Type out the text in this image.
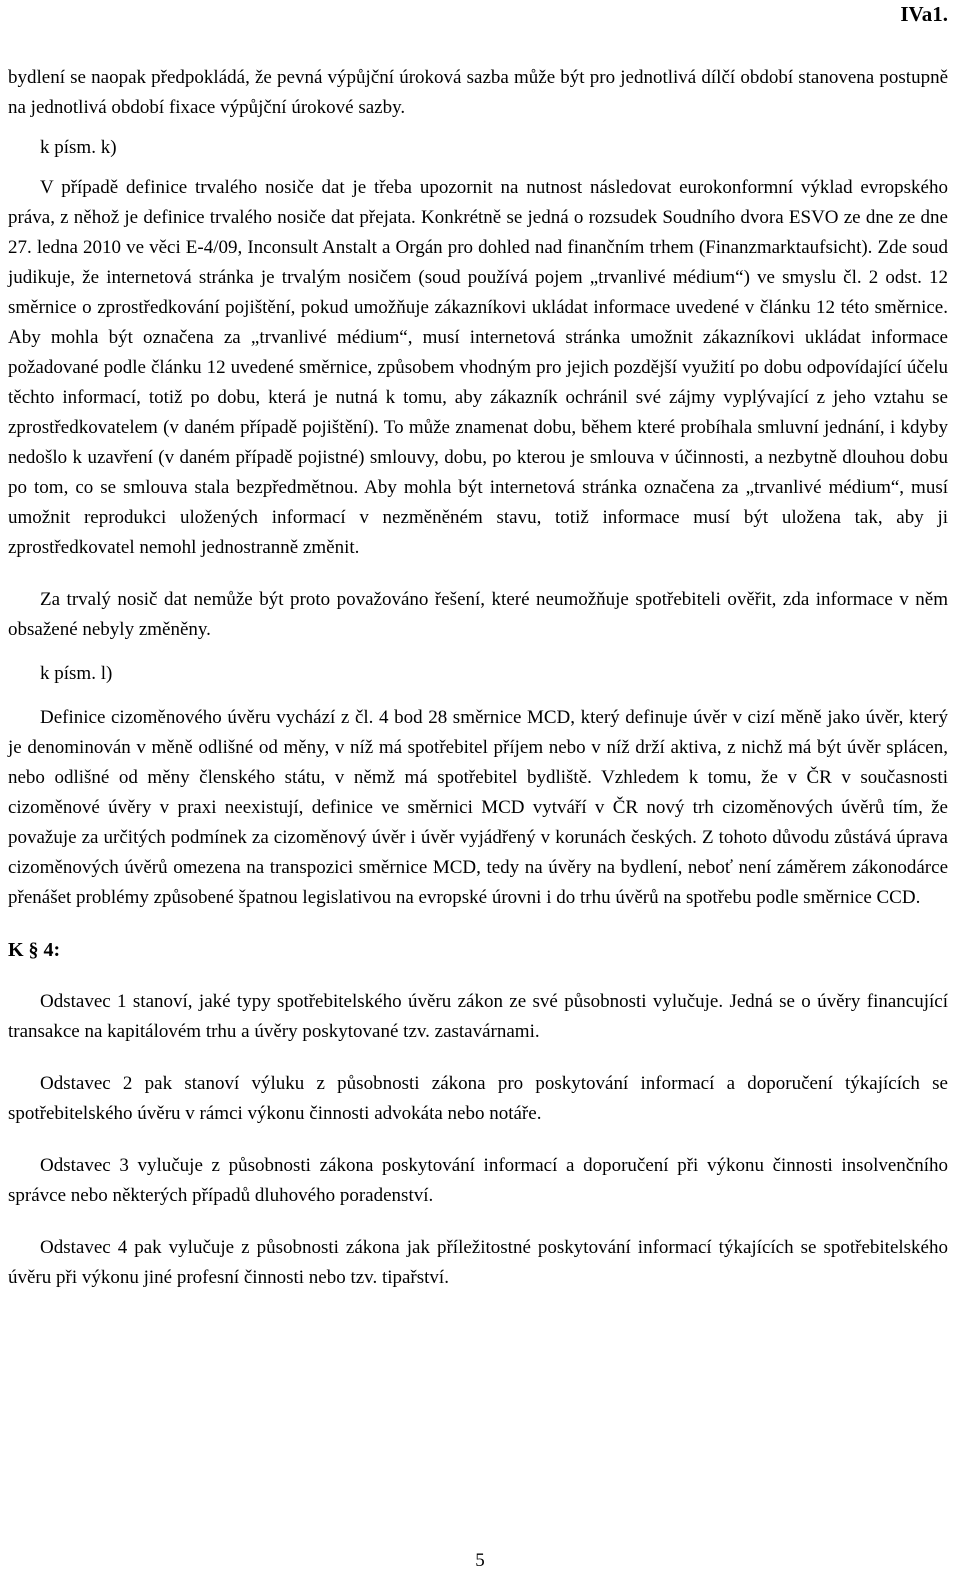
IVa1.

bydlení se naopak předpokládá, že pevná výpůjční úroková sazba může být pro jednotlivá dílčí období stanovena postupně na jednotlivá období fixace výpůjční úrokové sazby.

k písm. k)

V případě definice trvalého nosiče dat je třeba upozornit na nutnost následovat eurokonformní výklad evropského práva, z něhož je definice trvalého nosiče dat přejata. Konkrétně se jedná o rozsudek Soudního dvora ESVO ze dne ze dne 27. ledna 2010 ve věci E-4/09, Inconsult Anstalt a Orgán pro dohled nad finančním trhem (Finanzmarktaufsicht). Zde soud judikuje, že internetová stránka je trvalým nosičem (soud používá pojem „trvanlivé médium“) ve smyslu čl. 2 odst. 12 směrnice o zprostředkování pojištění, pokud umožňuje zákazníkovi ukládat informace uvedené v článku 12 této směrnice. Aby mohla být označena za „trvanlivé médium“, musí internetová stránka umožnit zákazníkovi ukládat informace požadované podle článku 12 uvedené směrnice, způsobem vhodným pro jejich pozdější využití po dobu odpovídající účelu těchto informací, totiž po dobu, která je nutná k tomu, aby zákazník ochránil své zájmy vyplývající z jeho vztahu se zprostředkovatelem (v daném případě pojištění). To může znamenat dobu, během které probíhala smluvní jednání, i kdyby nedošlo k uzavření (v daném případě pojistné) smlouvy, dobu, po kterou je smlouva v účinnosti, a nezbytně dlouhou dobu po tom, co se smlouva stala bezpředmětnou. Aby mohla být internetová stránka označena za „trvanlivé médium“, musí umožnit reprodukci uložených informací v nezměněném stavu, totiž informace musí být uložena tak, aby ji zprostředkovatel nemohl jednostranně změnit.

Za trvalý nosič dat nemůže být proto považováno řešení, které neumožňuje spotřebiteli ověřit, zda informace v něm obsažené nebyly změněny.

k písm. l)

Definice cizoměnového úvěru vychází z čl. 4 bod 28 směrnice MCD, který definuje úvěr v cizí měně jako úvěr, který je denominován v měně odlišné od měny, v níž má spotřebitel příjem nebo v níž drží aktiva, z nichž má být úvěr splácen, nebo odlišné od měny členského státu, v němž má spotřebitel bydliště. Vzhledem k tomu, že v ČR v současnosti cizoměnové úvěry v praxi neexistují, definice ve směrnici MCD vytváří v ČR nový trh cizoměnových úvěrů tím, že považuje za určitých podmínek za cizoměnový úvěr i úvěr vyjádřený v korunách českých. Z tohoto důvodu zůstává úprava cizoměnových úvěrů omezena na transpozici směrnice MCD, tedy na úvěry na bydlení, neboť není záměrem zákonodárce přenášet problémy způsobené špatnou legislativou na evropské úrovni i do trhu úvěrů na spotřebu podle směrnice CCD.

K § 4:

Odstavec 1 stanoví, jaké typy spotřebitelského úvěru zákon ze své působnosti vylučuje. Jedná se o úvěry financující transakce na kapitálovém trhu a úvěry poskytované tzv. zastavárnami.

Odstavec 2 pak stanoví výluku z působnosti zákona pro poskytování informací a doporučení týkajících se spotřebitelského úvěru v rámci výkonu činnosti advokáta nebo notáře.

Odstavec 3 vylučuje z působnosti zákona poskytování informací a doporučení při výkonu činnosti insolvenčního správce nebo některých případů dluhového poradenství.

Odstavec 4 pak vylučuje z působnosti zákona jak příležitostné poskytování informací týkajících se spotřebitelského úvěru při výkonu jiné profesní činnosti nebo tzv. tipařství.

5
